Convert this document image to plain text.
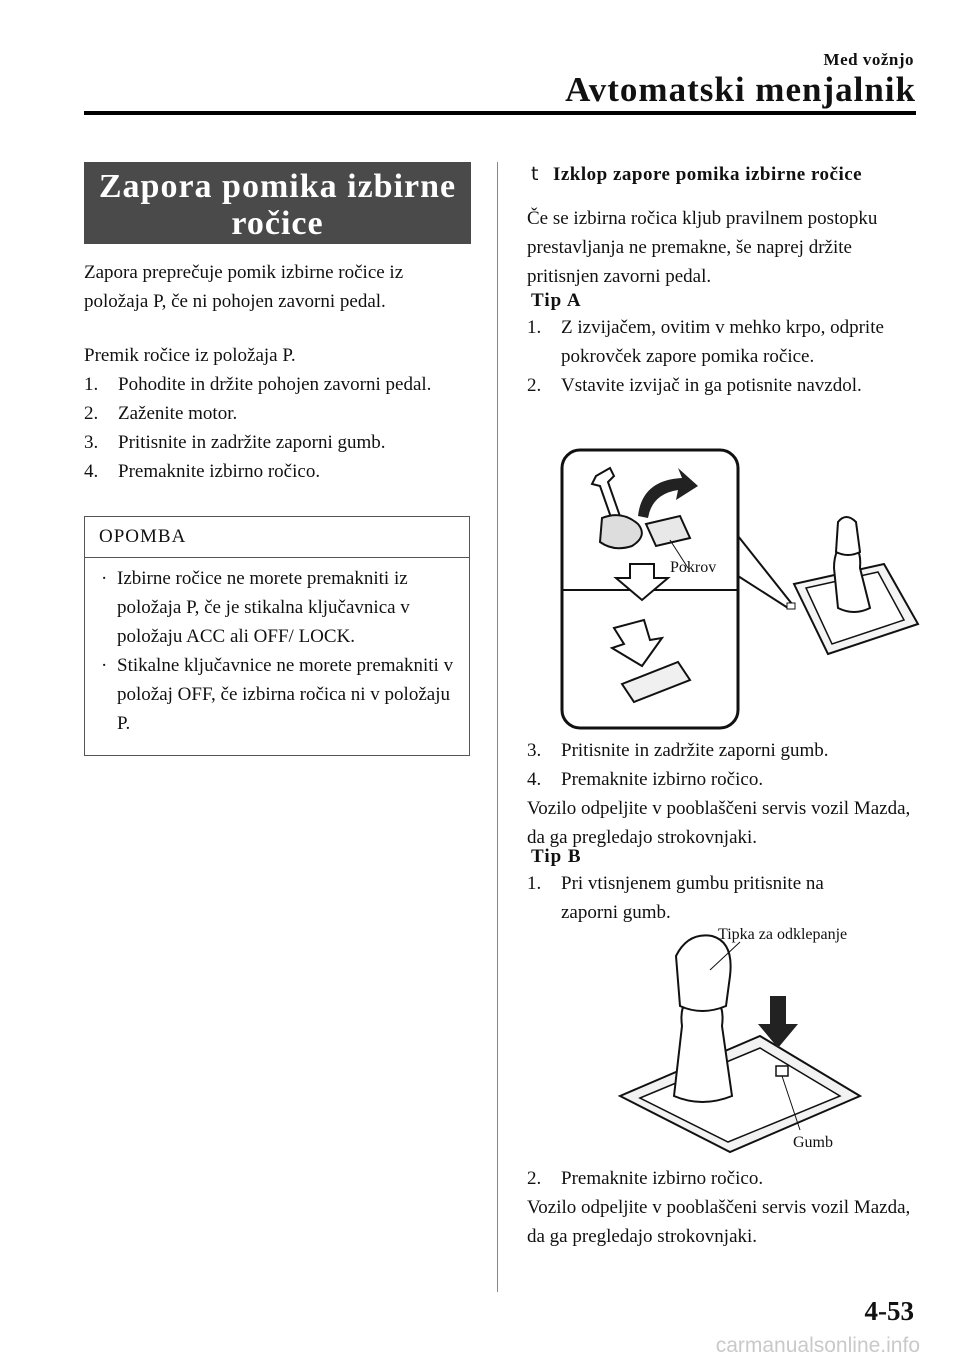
Med vožnjo
Avtomatski menjalnik
Zapora pomika izbirne
ročice
Zapora preprečuje pomik izbirne ročice iz
položaja P, če ni pohojen zavorni pedal.
Premik ročice iz položaja P.
1. Pohodite in držite pohojen zavorni pedal.
2. Zaženite motor.
3. Pritisnite in zadržite zaporni gumb.
4. Premaknite izbirno ročico.
OPOMBA
· Izbirne ročice ne morete premakniti iz položaja P, če je stikalna ključavnica v položaju ACC ali OFF/ LOCK.
· Stikalne ključavnice ne morete premakniti v položaj OFF, če izbirna ročica ni v položaju P.
t Izklop zapore pomika izbirne ročice
Če se izbirna ročica kljub pravilnem postopku prestavljanja ne premakne, še naprej držite pritisnjen zavorni pedal.
Tip A
1. Z izvijačem, ovitim v mehko krpo, odprite pokrovček zapore pomika ročice.
2. Vstavite izvijač in ga potisnite navzdol.
Pokrov
3. Pritisnite in zadržite zaporni gumb.
4. Premaknite izbirno ročico.
Vozilo odpeljite v pooblaščeni servis vozil Mazda, da ga pregledajo strokovnjaki.
Tip B
1. Pri vtisnjenem gumbu pritisnite na zaporni gumb.
Tipka za odklepanje
Gumb
2. Premaknite izbirno ročico.
Vozilo odpeljite v pooblaščeni servis vozil Mazda, da ga pregledajo strokovnjaki.
4-53
carmanualsonline.info
